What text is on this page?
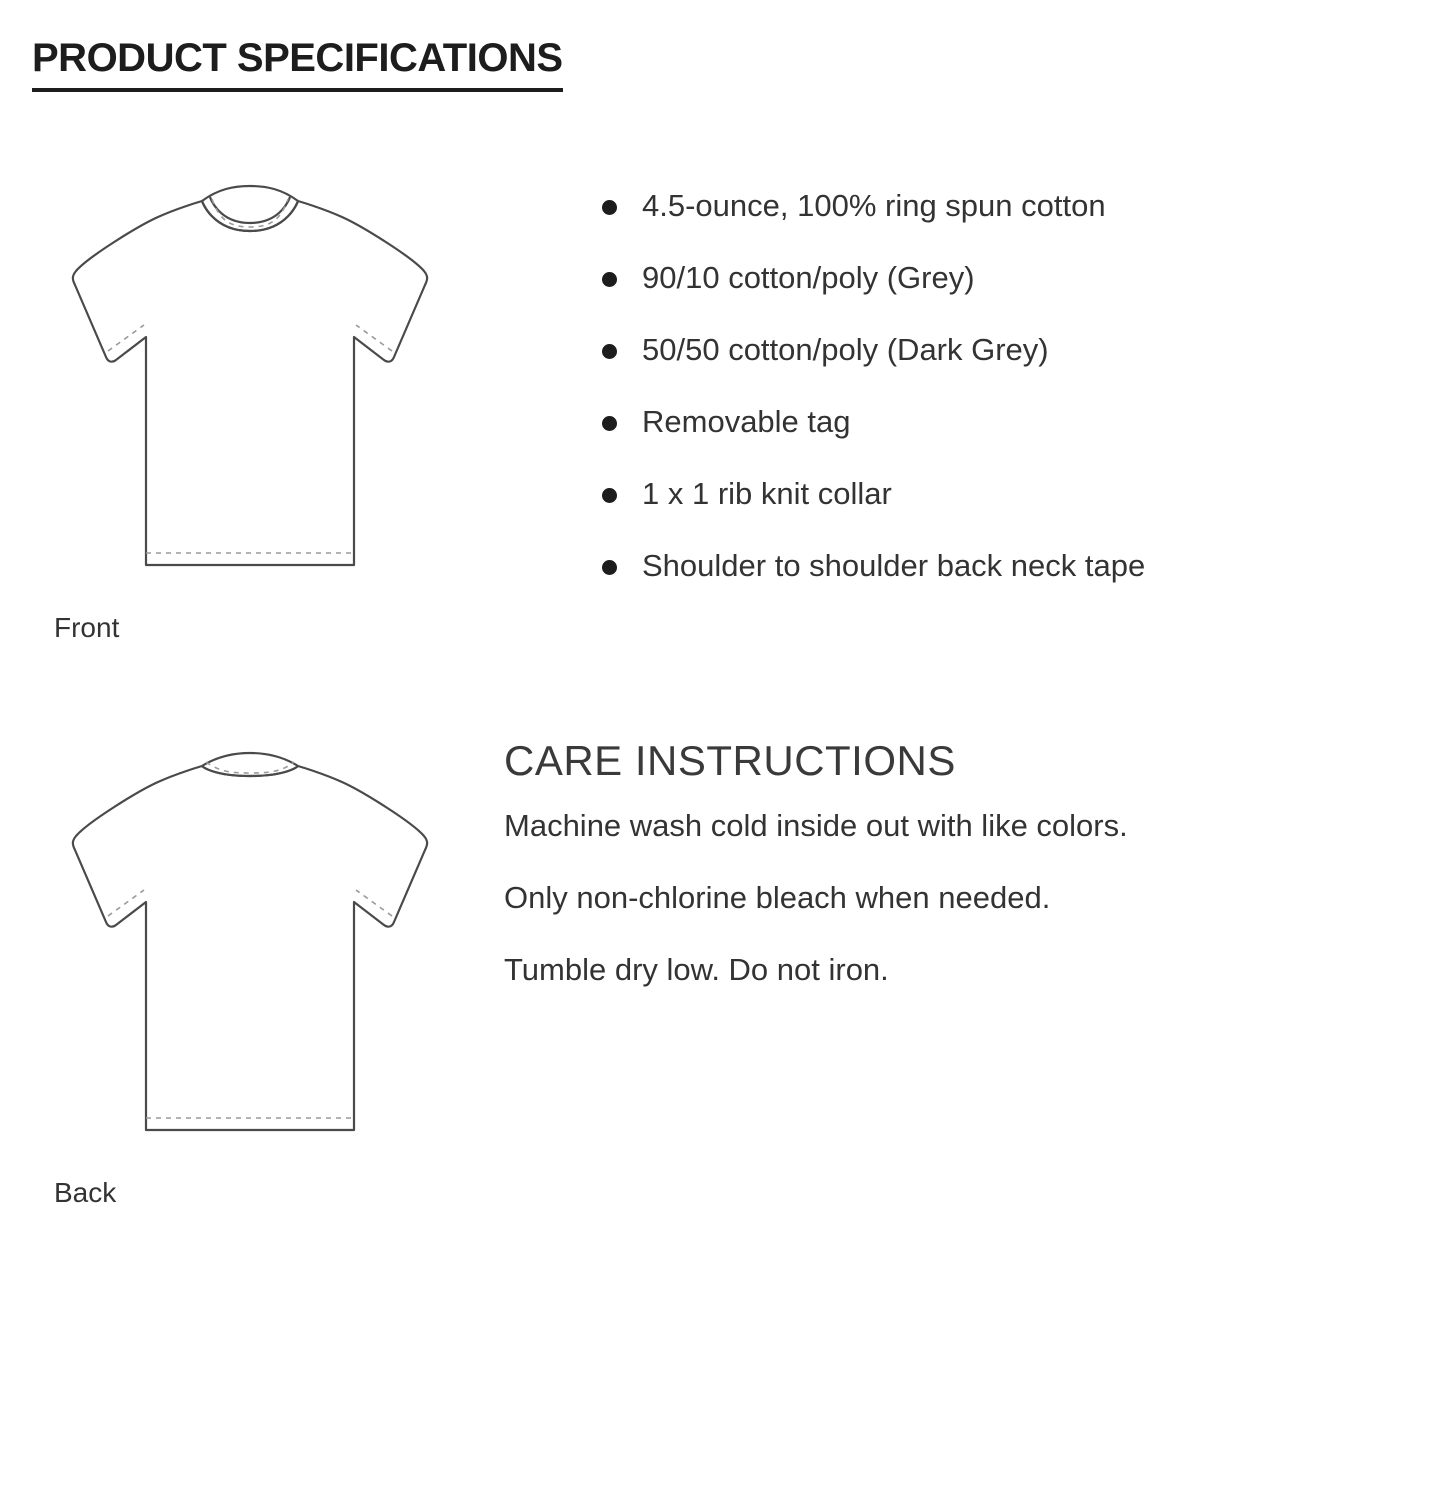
PRODUCT SPECIFICATIONS
Front
Back
4.5-ounce, 100% ring spun cotton
90/10 cotton/poly (Grey)
50/50 cotton/poly (Dark Grey)
Removable tag
1 x 1 rib knit collar
Shoulder to shoulder back neck tape
CARE INSTRUCTIONS
Machine wash cold inside out with like colors.
Only non-chlorine bleach when needed.
Tumble dry low. Do not iron.
